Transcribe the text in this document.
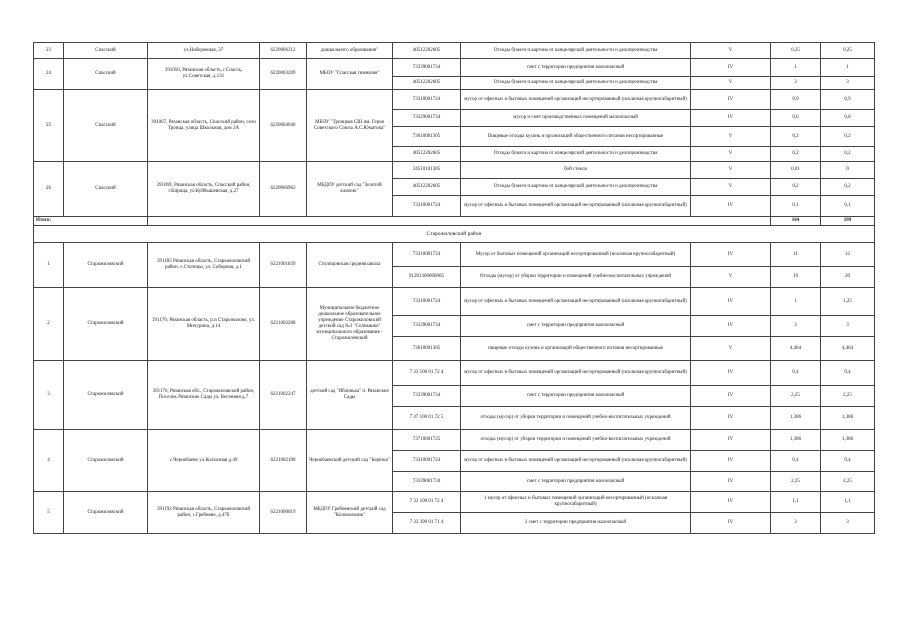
23	Спасский	ул.Набережная, 37	6220006312	дошкольного образования"	40512202605	Отходы бумаги и картона от канцелярской деятельности и делопроизводства	V	0,25	0,25
24	Спасский	391050, Рязанская область, г.Спасск, ул.Советская, д.131	6220003209	МБОУ "Спасская гимназия"	73339001734	смет с территории предприятия малоопасный	IV	1	1
					40512202605	Отходы бумаги и картона от канцелярской деятельности и делопроизводства	V	3	3
25	Спасский	391067, Рязанская область, Спасский район, село Троица, улица Школьная, дом 2А	6220004040	МБОУ "Троицкая СШ им. Героя Советского Союза А.С.Юматова"	73310001724	мусор от офисных и бытовых помещений организаций несортированный (исключая крупногабаритный)	IV	0,9	0,9
					73329001734	мусор и смет производственных помещений малоопасный	IV	0,6	0,6
					73610001305	Пищевые отходы кухонь и организаций общественного питания несортированные	V	0,2	0,2
					40512202605	Отходы бумаги и картона от канцелярской деятельности и делопроизводства	V	0,2	0,2
26	Спасский	391069, Рязанская область, Спасский район, г.Кирица, ул.Куйбышевская, д.27	6220006963	МБДОУ детский сад "Золотой ключик"	34510101305	бой стекла	V	0,01	0
					40512202605	Отходы бумаги и картона от канцелярской деятельности и делопроизводства	V	0,2	0,2
					73310001724	мусор от офисных и бытовых помещений организаций несортированный (исключая крупногабаритный)	IV	0,1	0,1
Итого:								104	109
Старожиловский район									
1	Старожиловский	391185 Рязанская область, Старожиловский район, с.Столпцы, ул. Соборная, д.1	6221001839	Столпцовская средняя школа	73310001724	Мусор от бытовых помещений организаций несортированный (исключая крупногабаритный)	IV	11	12
					91201300000005	Отходы (мусор) от уборки территории и помещений учебно-воспитательных учреждений	V	19	20
2	Старожиловский	391170, Рязанская область, р.п Старожилово, ул. Мичурина, д.14	6221002208	Муниципальное бюджетное дошкольное образовательное учреждение Старожиловский детский сад №3 "Солнышко" муниципального образования - Старожиловский	73310001724	мусор от офисных и бытовых помещений организаций несортированный (исключая крупногабаритный)	IV	1	1,25
					73339001734	смет с территории предприятия малоопасный	IV	3	3
					73610001305	пищевые отходы кухонь и организаций общественного питания несортированные	V	4,464	4,464
3	Старожиловский	391176, Рязанская обл., Старожиловский район, Поселок Рязанские Сады ул. Весенняя д.7	6221002247	детский сад "Яблонька" п. Рязанские Сады	7 33 100 01 72 4	мусор от офисных и бытовых помещений организаций несортированный (исключая крупногабаритный)	IV	0,4	0,4
					73339001734	смет с территории предприятия малоопасный	IV	2,25	2,25
					7 37 100 01 72 5	отходы (мусор) от уборки территории и помещений учебно-воспитательных учреждений	IV	1,386	1,386
4	Старожиловский	с.Чернобаево ул.Колхозная д.49	6221002198	Чернобаевский детский сад "Берёзка"	73710001725	отходы (мусор) от уборки территории и помещений учебно-воспитательных учреждений	IV	1,386	1,386
					73310001724	мусор от офисных и бытовых помещений организаций несортированный (исключая крупногабаритный)	IV	0,4	0,4
					73339001734	смет с территории предприятия малоопасный	IV	2,25	2,25
5	Старожиловский	391192 Рязанская область, Старожиловский район, с.Гребнево, д.47б	6221000019	МБДОУ Гребневский детский сад "Колокольчик"	7 33 100 01 72 4	1 мусор от офисных и бытовых помещений организаций несортированный (исключая крупногабаритный)	IV	1,1	1,1
					7 33 390 01 71 4	2 смет с территории предприятия малоопасный	IV	3	3
